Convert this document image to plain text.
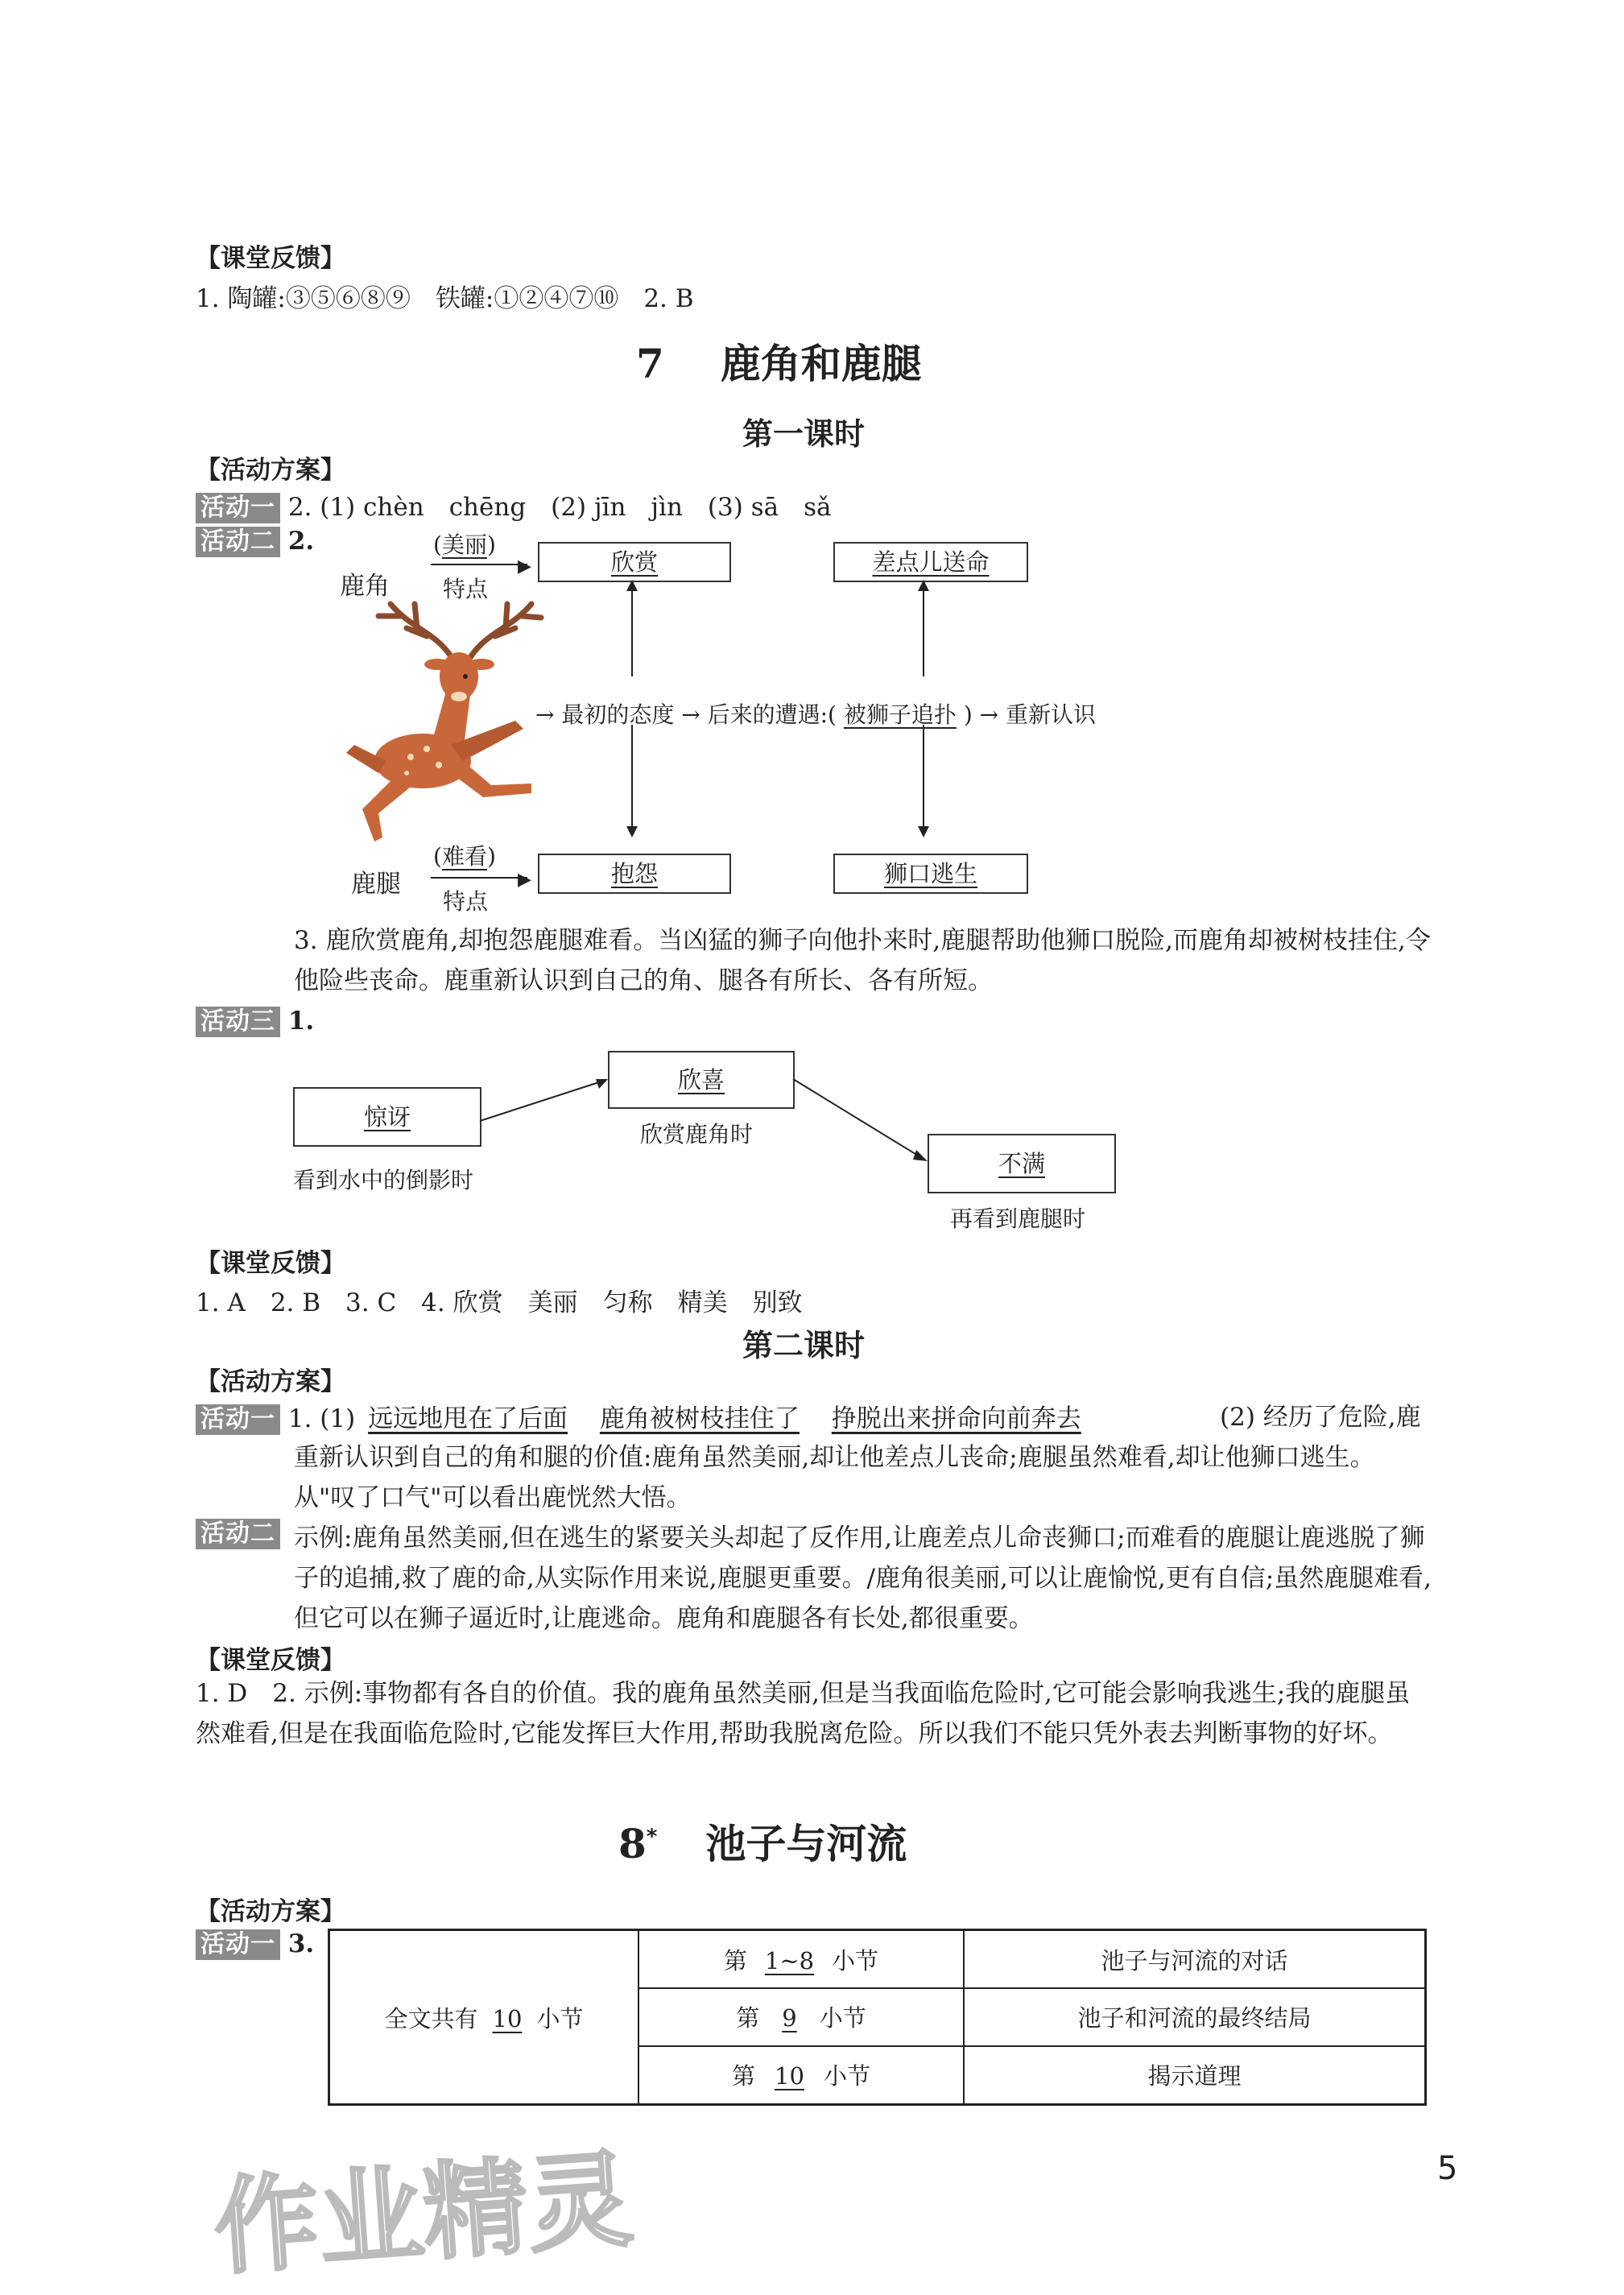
【课堂反馈】
1. 陶罐:③⑤⑥⑧⑨　铁罐:①②④⑦⑩　2. B
7 鹿角和鹿腿
第一课时
【活动方案】
活动一 2. (1) chèn　chēng　(2) jīn　jìn　(3) sā　sǎ
活动二 2.
鹿角
(美丽)
▶
特点
欣赏	差点儿送命
→ 最初的态度 → 后来的遭遇:( 被狮子追扑 ) → 重新认识
鹿腿
(难看)
▶
特点
抱怨	狮口逃生
3. 鹿欣赏鹿角,却抱怨鹿腿难看。当凶猛的狮子向他扑来时,鹿腿帮助他狮口脱险,而鹿角却被树枝挂住,令他险些丧命。鹿重新认识到自己的角、腿各有所长、各有所短。
活动三 1.
惊讶
看到水中的倒影时
欣喜
欣赏鹿角时
不满
再看到鹿腿时
【课堂反馈】
1. A　2. B　3. C　4. 欣赏　美丽　匀称　精美　别致
第二课时
【活动方案】
活动一 1. (1) 远远地甩在了后面 鹿角被树枝挂住了 挣脱出来拼命向前奔去	(2) 经历了危险,鹿重新认识到自己的角和腿的价值:鹿角虽然美丽,却让他差点儿丧命;鹿腿虽然难看,却让他狮口逃生。从"叹了口气"可以看出鹿恍然大悟。
活动二 示例:鹿角虽然美丽,但在逃生的紧要关头却起了反作用,让鹿差点儿命丧狮口;而难看的鹿腿让鹿逃脱了狮子的追捕,救了鹿的命,从实际作用来说,鹿腿更重要。/鹿角很美丽,可以让鹿愉悦,更有自信;虽然鹿腿难看,但它可以在狮子逼近时,让鹿逃命。鹿角和鹿腿各有长处,都很重要。
【课堂反馈】
1. D　2. 示例:事物都有各自的价值。我的鹿角虽然美丽,但是当我面临危险时,它可能会影响我逃生;我的鹿腿虽然难看,但是在我面临危险时,它能发挥巨大作用,帮助我脱离危险。所以我们不能只凭外表去判断事物的好坏。
8* 池子与河流
【活动方案】
活动一 3.
全文共有 10 小节	第 1~8 小节	池子与河流的对话
	第 9 小节	池子和河流的最终结局
	第 10 小节	揭示道理
5
作业精灵
